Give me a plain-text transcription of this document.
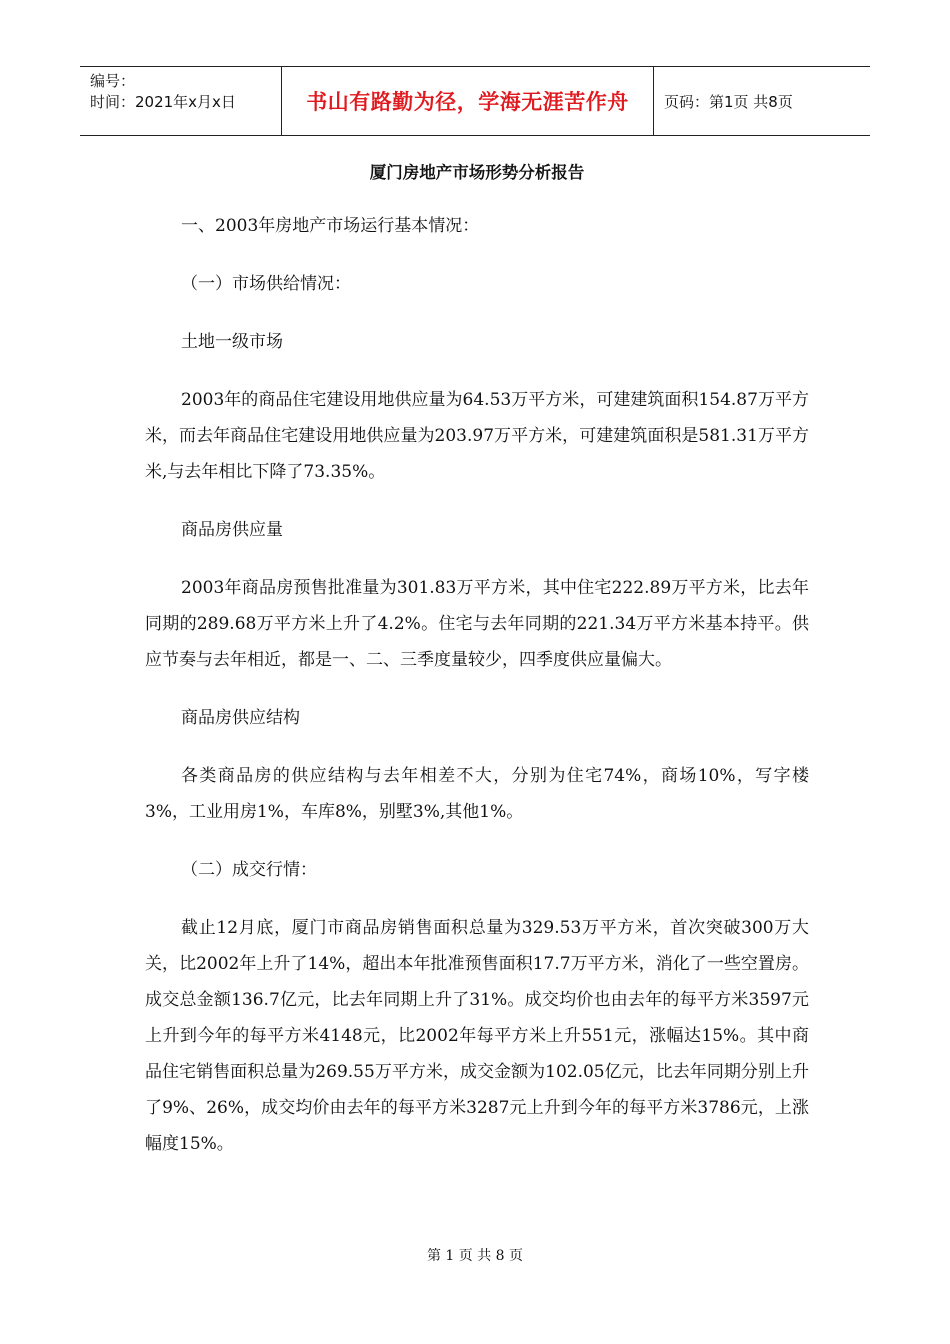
编号：
时间：2021年x月x日	书山有路勤为径，学海无涯苦作舟 页码：第1页 共8页
厦门房地产市场形势分析报告

一、2003年房地产市场运行基本情况：

（一）市场供给情况：

土地一级市场

2003年的商品住宅建设用地供应量为64.53万平方米，可建建筑面积154.87万平方米，而去年商品住宅建设用地供应量为203.97万平方米，可建建筑面积是581.31万平方米,与去年相比下降了73.35%。

商品房供应量

2003年商品房预售批准量为301.83万平方米，其中住宅222.89万平方米，比去年同期的289.68万平方米上升了4.2%。住宅与去年同期的221.34万平方米基本持平。供应节奏与去年相近，都是一、二、三季度量较少，四季度供应量偏大。

商品房供应结构

各类商品房的供应结构与去年相差不大，分别为住宅74%，商场10%，写字楼3%，工业用房1%，车库8%，别墅3%,其他1%。

（二）成交行情：

截止12月底，厦门市商品房销售面积总量为329.53万平方米，首次突破300万大关，比2002年上升了14%，超出本年批准预售面积17.7万平方米，消化了一些空置房。成交总金额136.7亿元，比去年同期上升了31%。成交均价也由去年的每平方米3597元上升到今年的每平方米4148元，比2002年每平方米上升551元，涨幅达15%。其中商品住宅销售面积总量为269.55万平方米，成交金额为102.05亿元，比去年同期分别上升了9%、26%，成交均价由去年的每平方米3287元上升到今年的每平方米3786元，上涨幅度15%。

第 1 页 共 8 页
